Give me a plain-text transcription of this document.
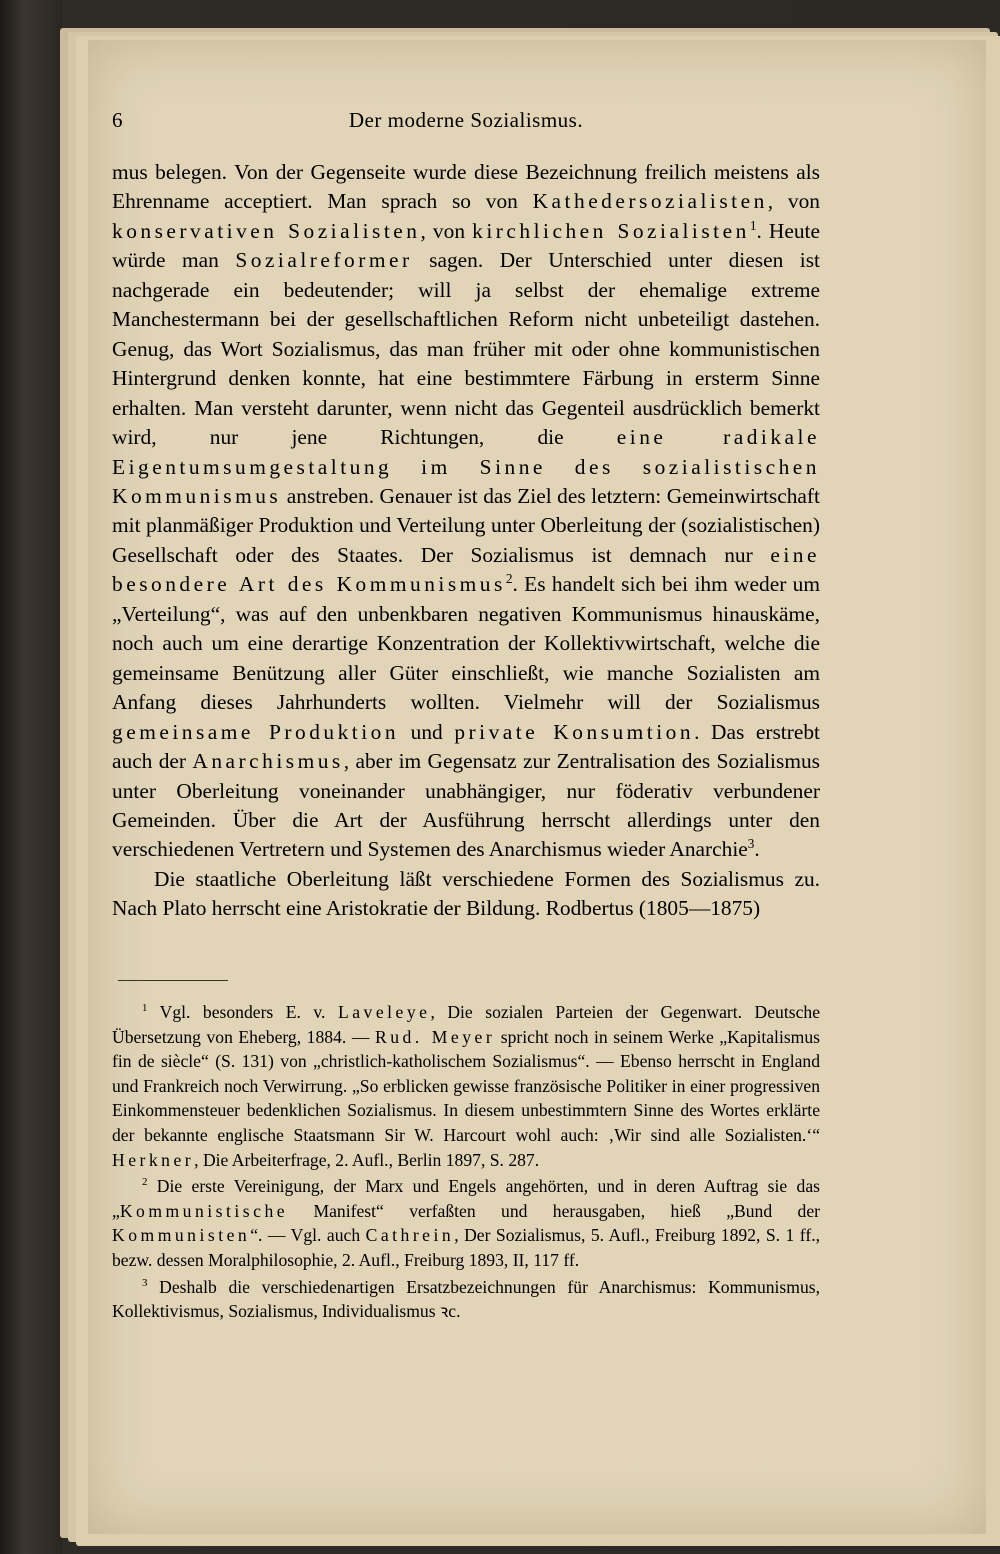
6	Der moderne Sozialismus.

mus belegen. Von der Gegenseite wurde diese Bezeichnung freilich meistens als Ehrenname acceptiert. Man sprach so von Kathedersozialisten, von konservativen Sozialisten, von kirchlichen Sozialisten$^1$. Heute würde man Sozialreformer sagen. Der Unterschied unter diesen ist nachgerade ein bedeutender; will ja selbst der ehemalige extreme Manchestermann bei der gesellschaftlichen Reform nicht unbeteiligt dastehen. Genug, das Wort Sozialismus, das man früher mit oder ohne kommunistischen Hintergrund denken konnte, hat eine bestimmtere Färbung in ersterm Sinne erhalten. Man versteht darunter, wenn nicht das Gegenteil ausdrücklich bemerkt wird, nur jene Richtungen, die eine radikale Eigentumsumgestaltung im Sinne des sozialistischen Kommunismus anstreben. Genauer ist das Ziel des letztern: Gemeinwirtschaft mit planmäßiger Produktion und Verteilung unter Oberleitung der (sozialistischen) Gesellschaft oder des Staates. Der Sozialismus ist demnach nur eine besondere Art des Kommunismus$^2$. Es handelt sich bei ihm weder um „Verteilung“, was auf den unbenkbaren negativen Kommunismus hinauskäme, noch auch um eine derartige Konzentration der Kollektivwirtschaft, welche die gemeinsame Benützung aller Güter einschließt, wie manche Sozialisten am Anfang dieses Jahrhunderts wollten. Vielmehr will der Sozialismus gemeinsame Produktion und private Konsumtion. Das erstrebt auch der Anarchismus, aber im Gegensatz zur Zentralisation des Sozialismus unter Oberleitung voneinander unabhängiger, nur föderativ verbundener Gemeinden. Über die Art der Ausführung herrscht allerdings unter den verschiedenen Vertretern und Systemen des Anarchismus wieder Anarchie$^3$.

Die staatliche Oberleitung läßt verschiedene Formen des Sozialismus zu. Nach Plato herrscht eine Aristokratie der Bildung. Rodbertus (1805—1875)

$^1$ Vgl. besonders E. v. Laveleye, Die sozialen Parteien der Gegenwart. Deutsche Übersetzung von Eheberg, 1884. — Rud. Meyer spricht noch in seinem Werke „Kapitalismus fin de siècle“ (S. 131) von „christlich-katholischem Sozialismus“. — Ebenso herrscht in England und Frankreich noch Verwirrung. „So erblicken gewisse französische Politiker in einer progressiven Einkommensteuer bedenklichen Sozialismus. In diesem unbestimmtern Sinne des Wortes erklärte der bekannte englische Staatsmann Sir W. Harcourt wohl auch: ‚Wir sind alle Sozialisten.‘“ Herkner, Die Arbeiterfrage, 2. Aufl., Berlin 1897, S. 287.

$^2$ Die erste Vereinigung, der Marx und Engels angehörten, und in deren Auftrag sie das „Kommunistische Manifest“ verfaßten und herausgaben, hieß „Bund der Kommunisten“. — Vgl. auch Cathrein, Der Sozialismus, 5. Aufl., Freiburg 1892, S. 1 ff., bezw. dessen Moralphilosophie, 2. Aufl., Freiburg 1893, II, 117 ff.

$^3$ Deshalb die verschiedenartigen Ersatzbezeichnungen für Anarchismus: Kommunismus, Kollektivismus, Sozialismus, Individualismus ꝛc.
